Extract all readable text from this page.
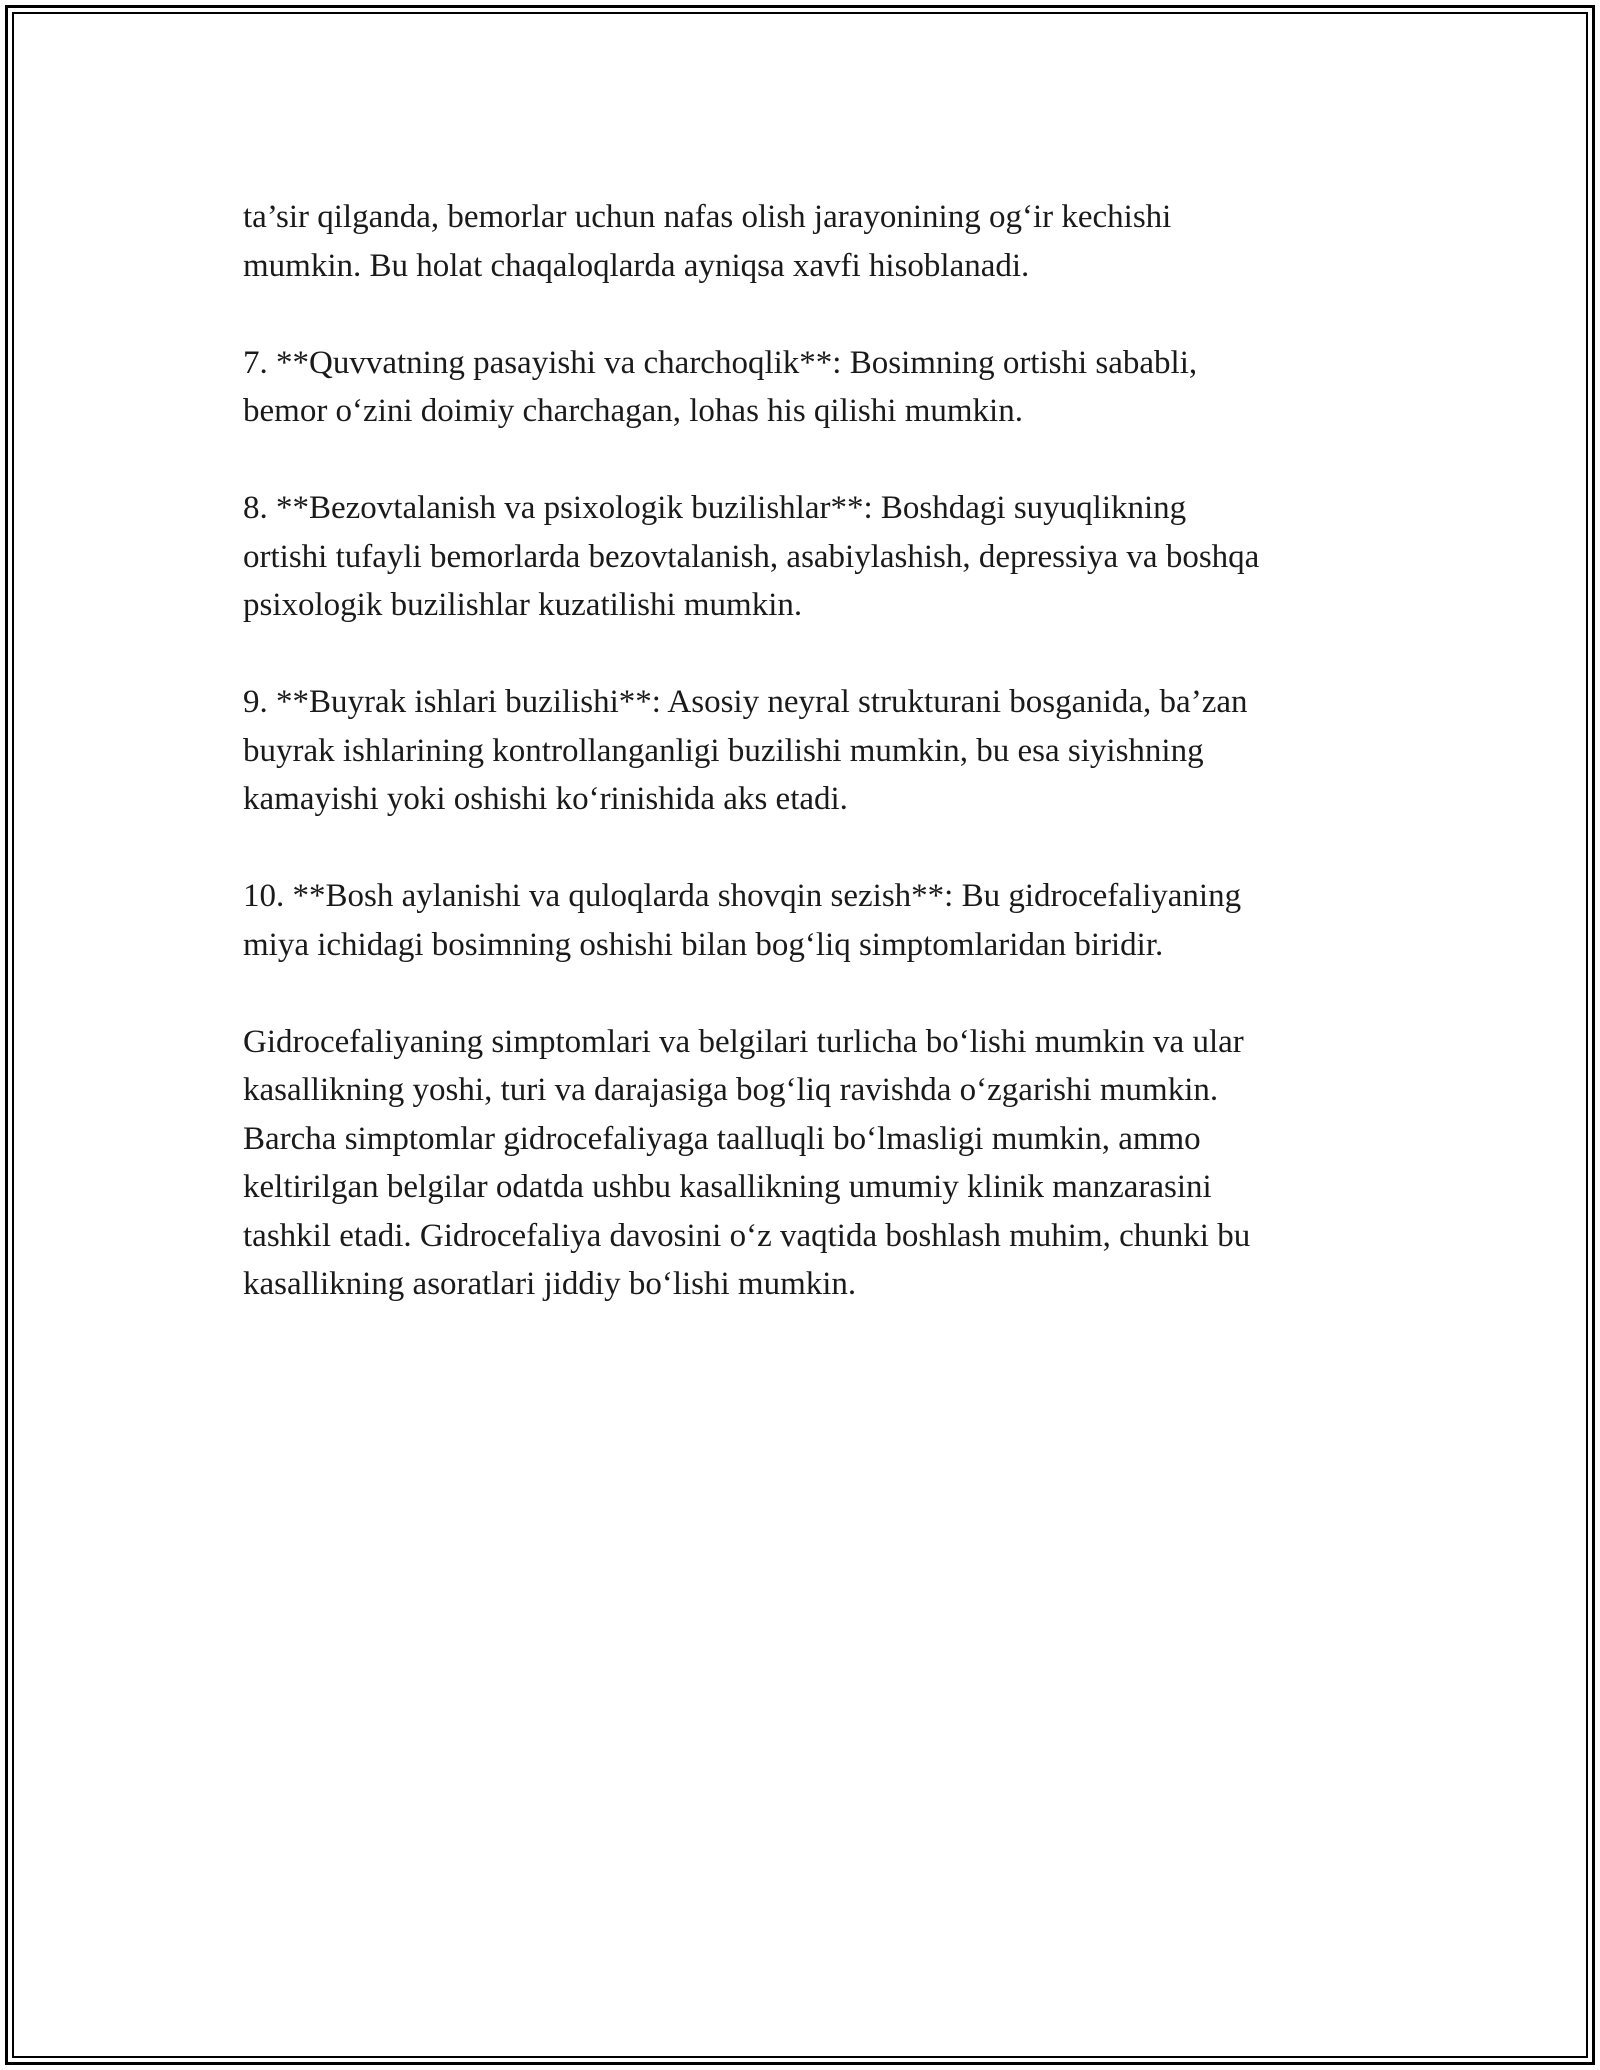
ta’sir qilganda, bemorlar uchun nafas olish jarayonining og‘ir kechishi
mumkin. Bu holat chaqaloqlarda ayniqsa xavfi hisoblanadi.

7. **Quvvatning pasayishi va charchoqlik**: Bosimning ortishi sababli,
bemor o‘zini doimiy charchagan, lohas his qilishi mumkin.

8. **Bezovtalanish va psixologik buzilishlar**: Boshdagi suyuqlikning
ortishi tufayli bemorlarda bezovtalanish, asabiylashish, depressiya va boshqa
psixologik buzilishlar kuzatilishi mumkin.

9. **Buyrak ishlari buzilishi**: Asosiy neyral strukturani bosganida, ba’zan
buyrak ishlarining kontrollanganligi buzilishi mumkin, bu esa siyishning
kamayishi yoki oshishi ko‘rinishida aks etadi.

10. **Bosh aylanishi va quloqlarda shovqin sezish**: Bu gidrocefaliyaning
miya ichidagi bosimning oshishi bilan bog‘liq simptomlaridan biridir.

Gidrocefaliyaning simptomlari va belgilari turlicha bo‘lishi mumkin va ular
kasallikning yoshi, turi va darajasiga bog‘liq ravishda o‘zgarishi mumkin.
Barcha simptomlar gidrocefaliyaga taalluqli bo‘lmasligi mumkin, ammo
keltirilgan belgilar odatda ushbu kasallikning umumiy klinik manzarasini
tashkil etadi. Gidrocefaliya davosini o‘z vaqtida boshlash muhim, chunki bu
kasallikning asoratlari jiddiy bo‘lishi mumkin.
